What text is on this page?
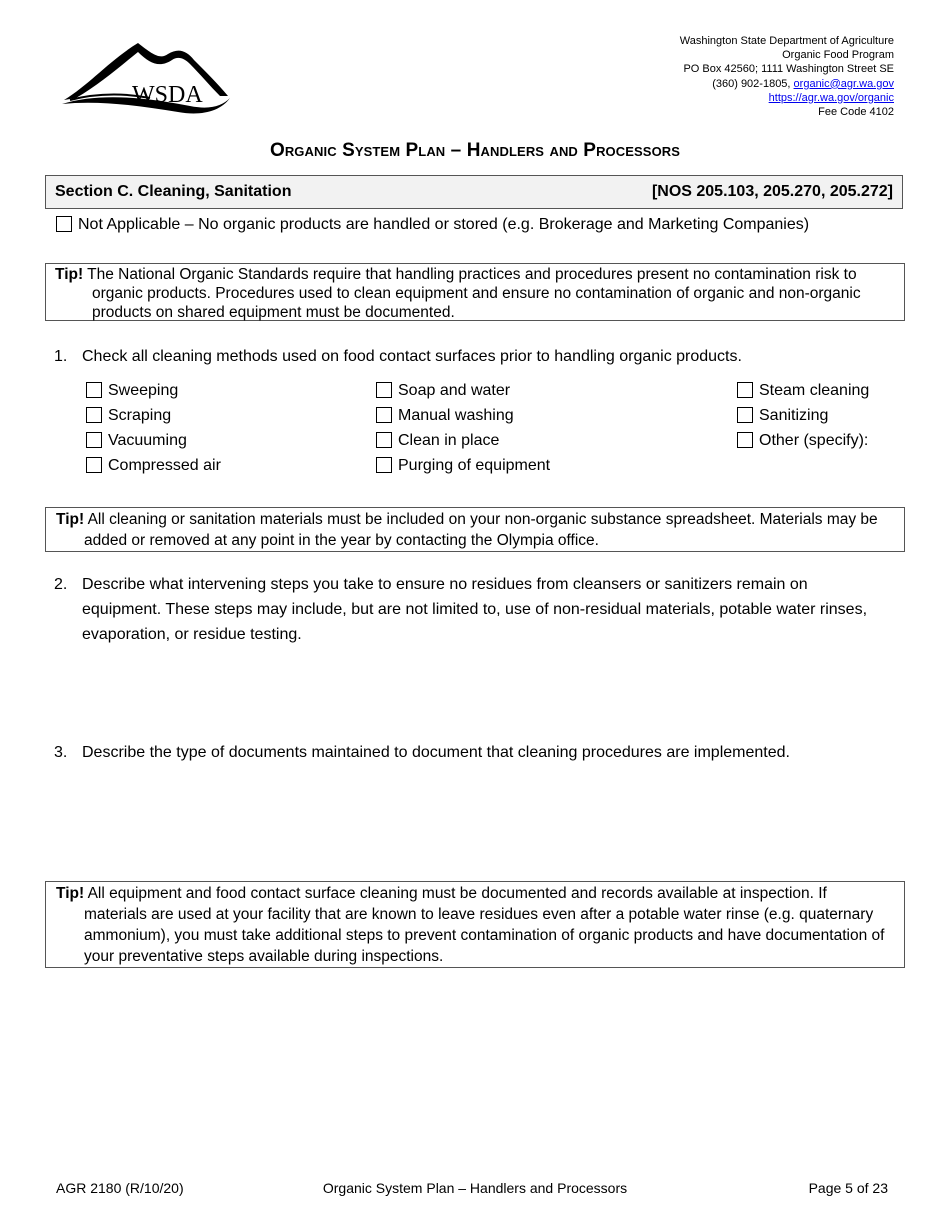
WSDA
Washington State Department of Agriculture
Organic Food Program
PO Box 42560; 1111 Washington Street SE
(360) 902-1805, organic@agr.wa.gov
https://agr.wa.gov/organic
Fee Code 4102
Organic System Plan – Handlers and Processors
Section C. Cleaning, Sanitation	[NOS 205.103, 205.270, 205.272]
Not Applicable – No organic products are handled or stored (e.g. Brokerage and Marketing Companies)
Tip! The National Organic Standards require that handling practices and procedures present no contamination risk to organic products. Procedures used to clean equipment and ensure no contamination of organic and non-organic products on shared equipment must be documented.
1. Check all cleaning methods used on food contact surfaces prior to handling organic products.
Sweeping
Scraping
Vacuuming
Compressed air
Soap and water
Manual washing
Clean in place
Purging of equipment
Steam cleaning
Sanitizing
Other (specify):
Tip! All cleaning or sanitation materials must be included on your non-organic substance spreadsheet. Materials may be added or removed at any point in the year by contacting the Olympia office.
2. Describe what intervening steps you take to ensure no residues from cleansers or sanitizers remain on equipment. These steps may include, but are not limited to, use of non-residual materials, potable water rinses, evaporation, or residue testing.
3. Describe the type of documents maintained to document that cleaning procedures are implemented.
Tip! All equipment and food contact surface cleaning must be documented and records available at inspection. If materials are used at your facility that are known to leave residues even after a potable water rinse (e.g. quaternary ammonium), you must take additional steps to prevent contamination of organic products and have documentation of your preventative steps available during inspections.
AGR 2180 (R/10/20)	Organic System Plan – Handlers and Processors	Page 5 of 23
